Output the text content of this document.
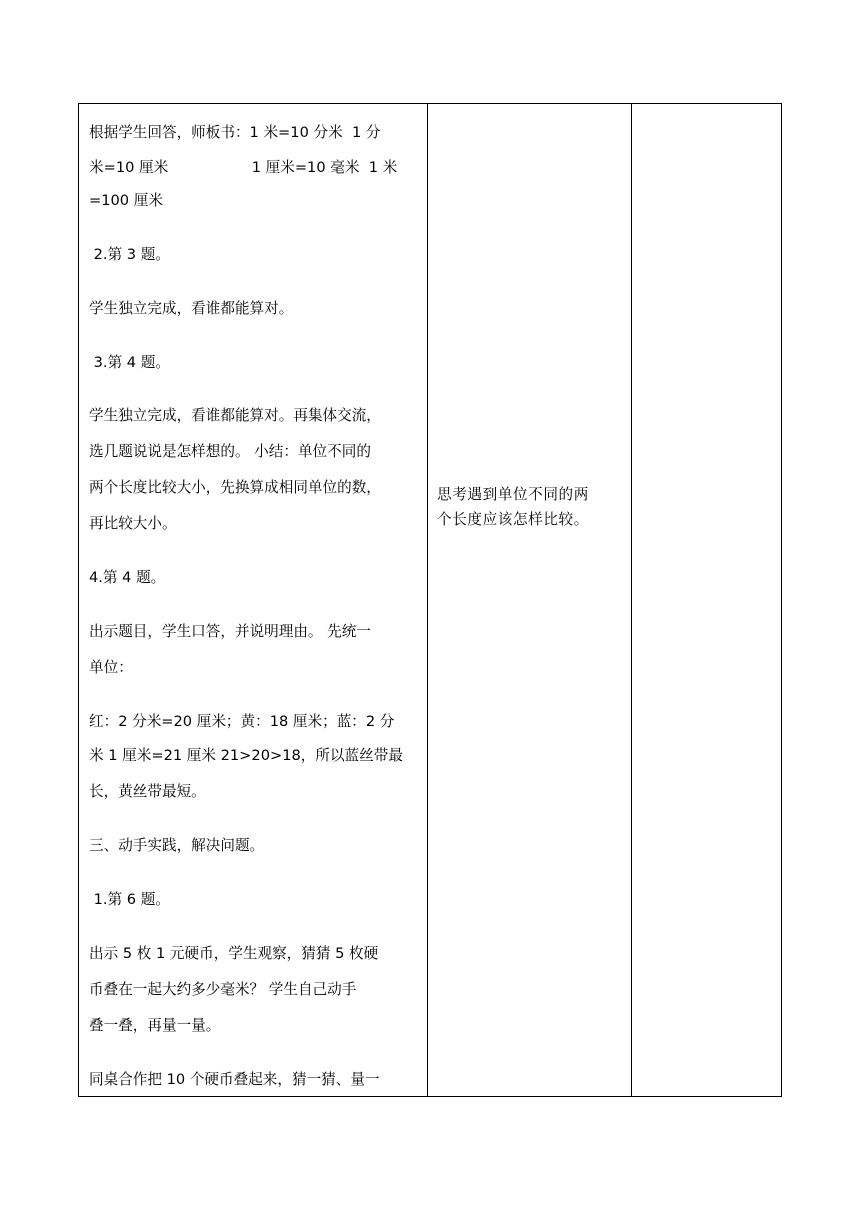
根据学生回答，师板书：1 米=10 分米  1 分

米=10 厘米                  1 厘米=10 毫米  1 米

=100 厘米

2.第 3 题。

学生独立完成，看谁都能算对。

3.第 4 题。

学生独立完成，看谁都能算对。再集体交流，

选几题说说是怎样想的。 小结：单位不同的

两个长度比较大小，先换算成相同单位的数，

再比较大小。

4.第 4 题。

出示题目，学生口答，并说明理由。 先统一

单位：

红：2 分米=20 厘米；黄：18 厘米；蓝：2 分

米 1 厘米=21 厘米 21>20>18，所以蓝丝带最

长，黄丝带最短。

三、动手实践，解决问题。

1.第 6 题。

出示 5 枚 1 元硬币，学生观察，猜猜 5 枚硬

币叠在一起大约多少毫米？ 学生自己动手

叠一叠，再量一量。

同桌合作把 10 个硬币叠起来，猜一猜、量一

思考遇到单位不同的两
个长度应该怎样比较。
